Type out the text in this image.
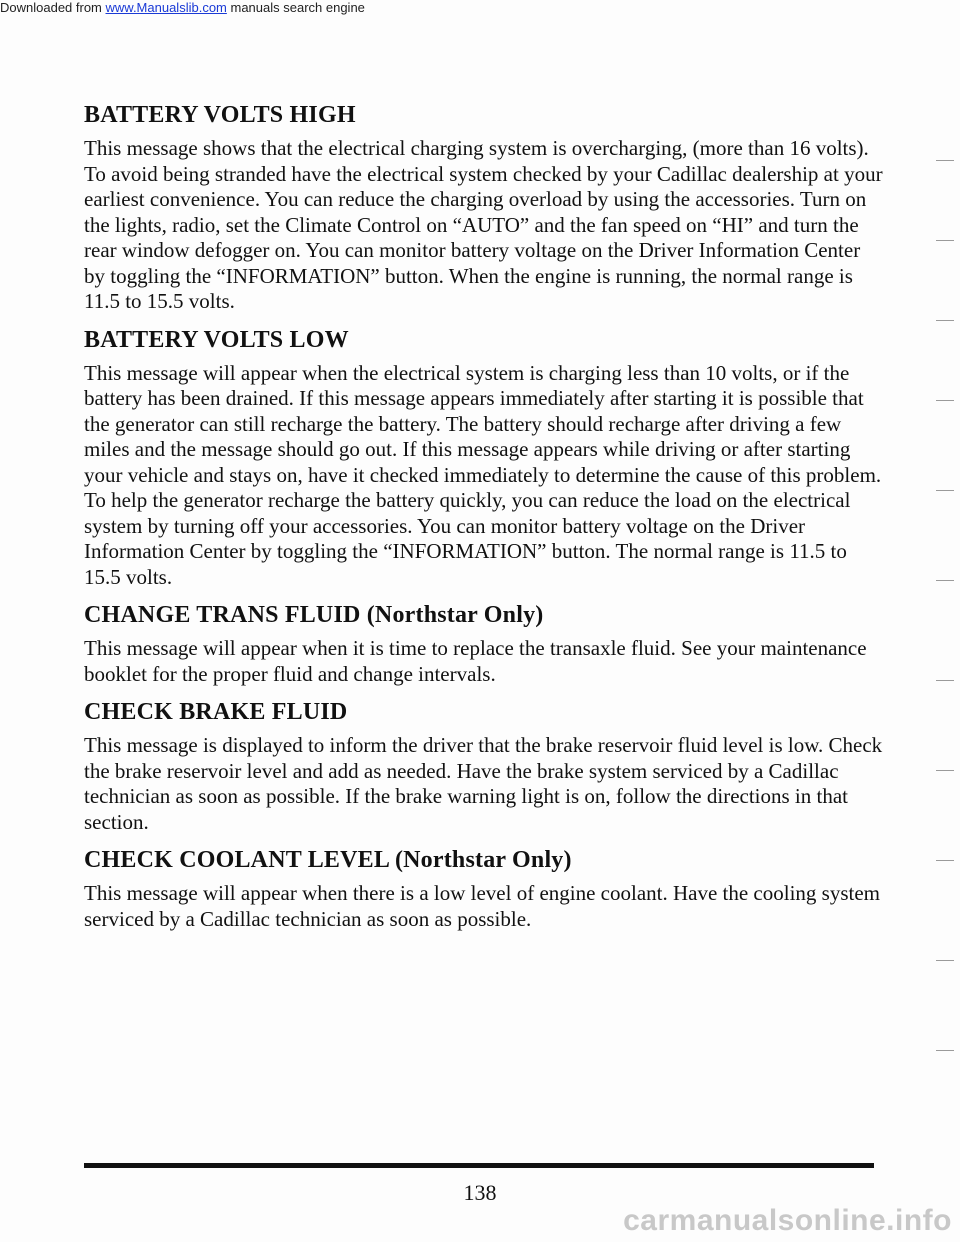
Downloaded from www.Manualslib.com manuals search engine

BATTERY VOLTS HIGH

This message shows that the electrical charging system is overcharging, (more than 16 volts). To avoid being stranded have the electrical system checked by your Cadillac dealership at your earliest convenience. You can reduce the charging overload by using the accessories. Turn on the lights, radio, set the Climate Control on “AUTO” and the fan speed on “HI” and turn the rear window defogger on. You can monitor battery voltage on the Driver Information Center by toggling the “INFORMATION” button. When the engine is running, the normal range is 11.5 to 15.5 volts.

BATTERY VOLTS LOW

This message will appear when the electrical system is charging less than 10 volts, or if the battery has been drained. If this message appears immediately after starting it is possible that the generator can still recharge the battery. The battery should recharge after driving a few miles and the message should go out. If this message appears while driving or after starting your vehicle and stays on, have it checked immediately to determine the cause of this problem. To help the generator recharge the battery quickly, you can reduce the load on the electrical system by turning off your accessories. You can monitor battery voltage on the Driver Information Center by toggling the “INFORMATION” button. The normal range is 11.5 to 15.5 volts.

CHANGE TRANS FLUID (Northstar Only)

This message will appear when it is time to replace the transaxle fluid. See your maintenance booklet for the proper fluid and change intervals.

CHECK BRAKE FLUID

This message is displayed to inform the driver that the brake reservoir fluid level is low. Check the brake reservoir level and add as needed. Have the brake system serviced by a Cadillac technician as soon as possible. If the brake warning light is on, follow the directions in that section.

CHECK COOLANT LEVEL (Northstar Only)

This message will appear when there is a low level of engine coolant. Have the cooling system serviced by a Cadillac technician as soon as possible.

138
carmanualsonline.info
